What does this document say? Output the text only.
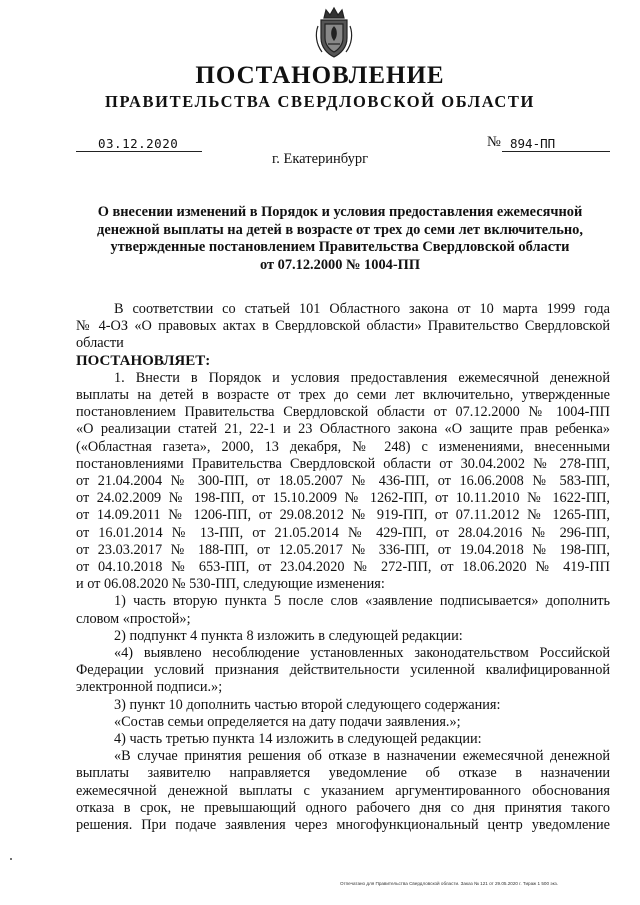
ПОСТАНОВЛЕНИЕ
ПРАВИТЕЛЬСТВА СВЕРДЛОВСКОЙ ОБЛАСТИ
03.12.2020	№ 894-ПП
г. Екатеринбург
О внесении изменений в Порядок и условия предоставления ежемесячной
денежной выплаты на детей в возрасте от трех до семи лет включительно,
утвержденные постановлением Правительства Свердловской области
от 07.12.2000 № 1004-ПП

В соответствии со статьей 101 Областного закона от 10 марта 1999 года

№ 4-ОЗ «О правовых актах в Свердловской области» Правительство Свердловской

области

ПОСТАНОВЛЯЕТ:

1. Внести в Порядок и условия предоставления ежемесячной денежной

выплаты на детей в возрасте от трех до семи лет включительно, утвержденные

постановлением Правительства Свердловской области от 07.12.2000 № 1004-ПП

«О реализации статей 21, 22-1 и 23 Областного закона «О защите прав ребенка»

(«Областная газета», 2000, 13 декабря, № 248) с изменениями, внесенными

постановлениями Правительства Свердловской области от 30.04.2002 № 278-ПП,

от 21.04.2004 № 300-ПП, от 18.05.2007 № 436-ПП, от 16.06.2008 № 583-ПП,

от 24.02.2009 № 198-ПП, от 15.10.2009 № 1262-ПП, от 10.11.2010 № 1622-ПП,

от 14.09.2011 № 1206-ПП, от 29.08.2012 № 919-ПП, от 07.11.2012 № 1265-ПП,

от 16.01.2014 № 13-ПП, от 21.05.2014 № 429-ПП, от 28.04.2016 № 296-ПП,

от 23.03.2017 № 188-ПП, от 12.05.2017 № 336-ПП, от 19.04.2018 № 198-ПП,

от 04.10.2018 № 653-ПП, от 23.04.2020 № 272-ПП, от 18.06.2020 № 419-ПП

и от 06.08.2020 № 530-ПП, следующие изменения:

1) часть вторую пункта 5 после слов «заявление подписывается» дополнить

словом «простой»;

2) подпункт 4 пункта 8 изложить в следующей редакции:

«4) выявлено несоблюдение установленных законодательством Российской

Федерации условий признания действительности усиленной квалифицированной

электронной подписи.»;

3) пункт 10 дополнить частью второй следующего содержания:

«Состав семьи определяется на дату подачи заявления.»;

4) часть третью пункта 14 изложить в следующей редакции:

«В случае принятия решения об отказе в назначении ежемесячной денежной

выплаты заявителю направляется уведомление об отказе в назначении

ежемесячной денежной выплаты с указанием аргументированного обоснования

отказа в срок, не превышающий одного рабочего дня со дня принятия такого

решения. При подаче заявления через многофункциональный центр уведомление

Отпечатано для Правительства Свердловской области. Заказ № 121 от 29.05.2020 г. Тираж 1 500 экз.
